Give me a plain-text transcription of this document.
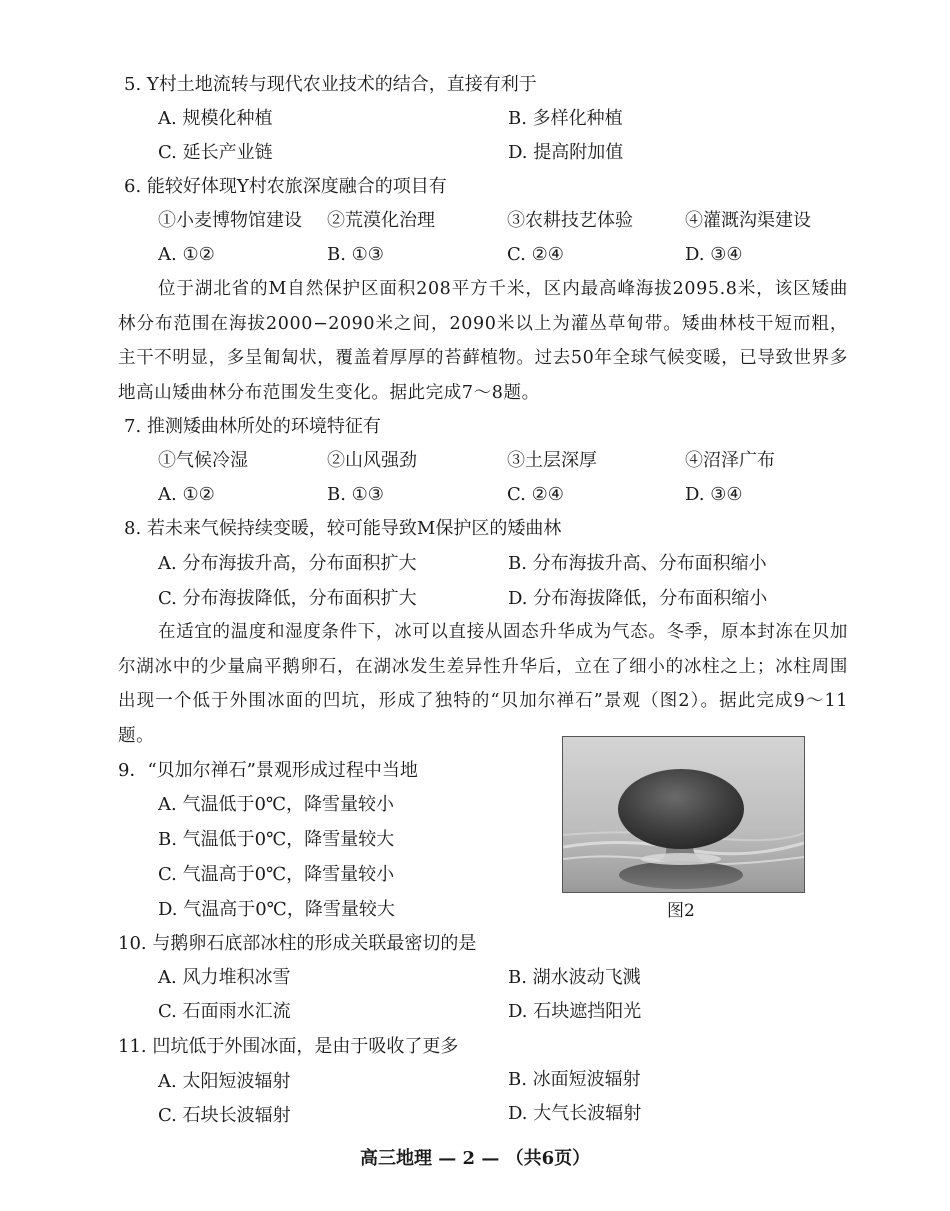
5. Y村土地流转与现代农业技术的结合，直接有利于
A. 规模化种植	B. 多样化种植
C. 延长产业链	D. 提高附加值
6. 能较好体现Y村农旅深度融合的项目有
①小麦博物馆建设 ②荒漠化治理	③农耕技艺体验	④灌溉沟渠建设
A. ①②	B. ①③	C. ②④	D. ③④
位于湖北省的M自然保护区面积208平方千米，区内最高峰海拔2095.8米，该区矮曲林分布范围在海拔2000−2090米之间，2090米以上为灌丛草甸带。矮曲林枝干短而粗，主干不明显，多呈匍匐状，覆盖着厚厚的苔藓植物。过去50年全球气候变暖，已导致世界多地高山矮曲林分布范围发生变化。据此完成7～8题。
7. 推测矮曲林所处的环境特征有
①气候冷湿	②山风强劲	③土层深厚	④沼泽广布
A. ①②	B. ①③	C. ②④	D. ③④
8. 若未来气候持续变暖，较可能导致M保护区的矮曲林
A. 分布海拔升高，分布面积扩大	B. 分布海拔升高、分布面积缩小
C. 分布海拔降低，分布面积扩大	D. 分布海拔降低，分布面积缩小
在适宜的温度和湿度条件下，冰可以直接从固态升华成为气态。冬季，原本封冻在贝加尔湖冰中的少量扁平鹅卵石，在湖冰发生差异性升华后，立在了细小的冰柱之上；冰柱周围出现一个低于外围冰面的凹坑，形成了独特的“贝加尔禅石”景观（图2）。据此完成9～11题。
9．“贝加尔禅石”景观形成过程中当地
A. 气温低于0℃，降雪量较小
B. 气温低于0℃，降雪量较大
C. 气温高于0℃，降雪量较小
D. 气温高于0℃，降雪量较大	图2
10. 与鹅卵石底部冰柱的形成关联最密切的是
A. 风力堆积冰雪	B. 湖水波动飞溅
C. 石面雨水汇流	D. 石块遮挡阳光
11. 凹坑低于外围冰面，是由于吸收了更多
A. 太阳短波辐射	B. 冰面短波辐射
C. 石块长波辐射	D. 大气长波辐射
高三地理 — 2 — （共6页）
